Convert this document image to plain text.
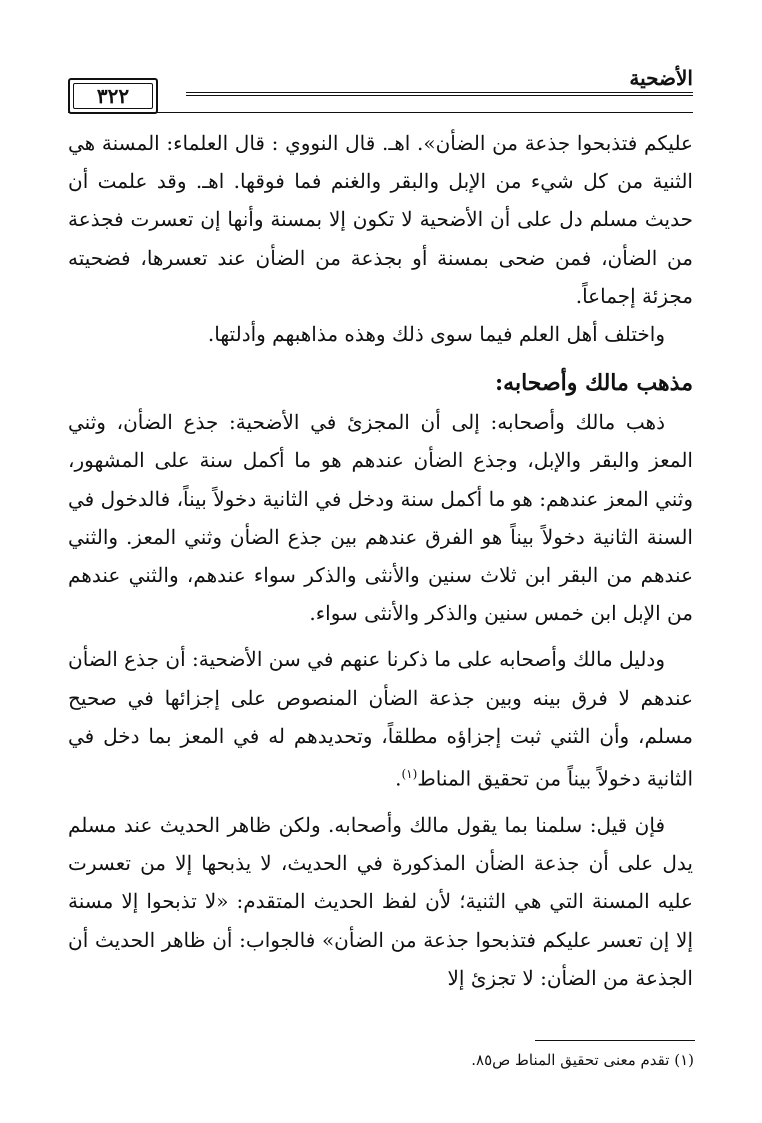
٣٢٢
الأضحية

عليكم فتذبحوا جذعة من الضأن». اهـ. قال النووي : قال العلماء: المسنة هي الثنية من كل شيء من الإبل والبقر والغنم فما فوقها. اهـ. وقد علمت أن حديث مسلم دل على أن الأضحية لا تكون إلا بمسنة وأنها إن تعسرت فجذعة من الضأن، فمن ضحى بمسنة أو بجذعة من الضأن عند تعسرها، فضحيته مجزئة إجماعاً.

واختلف أهل العلم فيما سوى ذلك وهذه مذاهبهم وأدلتها.

مذهب مالك وأصحابه:

ذهب مالك وأصحابه: إلى أن المجزئ في الأضحية: جذع الضأن، وثني المعز والبقر والإبل، وجذع الضأن عندهم هو ما أكمل سنة على المشهور، وثني المعز عندهم: هو ما أكمل سنة ودخل في الثانية دخولاً بيناً، فالدخول في السنة الثانية دخولاً بيناً هو الفرق عندهم بين جذع الضأن وثني المعز. والثني عندهم من البقر ابن ثلاث سنين والأنثى والذكر سواء عندهم، والثني عندهم من الإبل ابن خمس سنين والذكر والأنثى سواء.

ودليل مالك وأصحابه على ما ذكرنا عنهم في سن الأضحية: أن جذع الضأن عندهم لا فرق بينه وبين جذعة الضأن المنصوص على إجزائها في صحيح مسلم، وأن الثني ثبت إجزاؤه مطلقاً، وتحديدهم له في المعز بما دخل في الثانية دخولاً بيناً من تحقيق المناط$^{(١)}$.

فإن قيل: سلمنا بما يقول مالك وأصحابه. ولكن ظاهر الحديث عند مسلم يدل على أن جذعة الضأن المذكورة في الحديث، لا يذبحها إلا من تعسرت عليه المسنة التي هي الثنية؛ لأن لفظ الحديث المتقدم: «لا تذبحوا إلا مسنة إلا إن تعسر عليكم فتذبحوا جذعة من الضأن» فالجواب: أن ظاهر الحديث أن الجذعة من الضأن: لا تجزئ إلا

(١) تقدم معنى تحقيق المناط ص٨٥.
